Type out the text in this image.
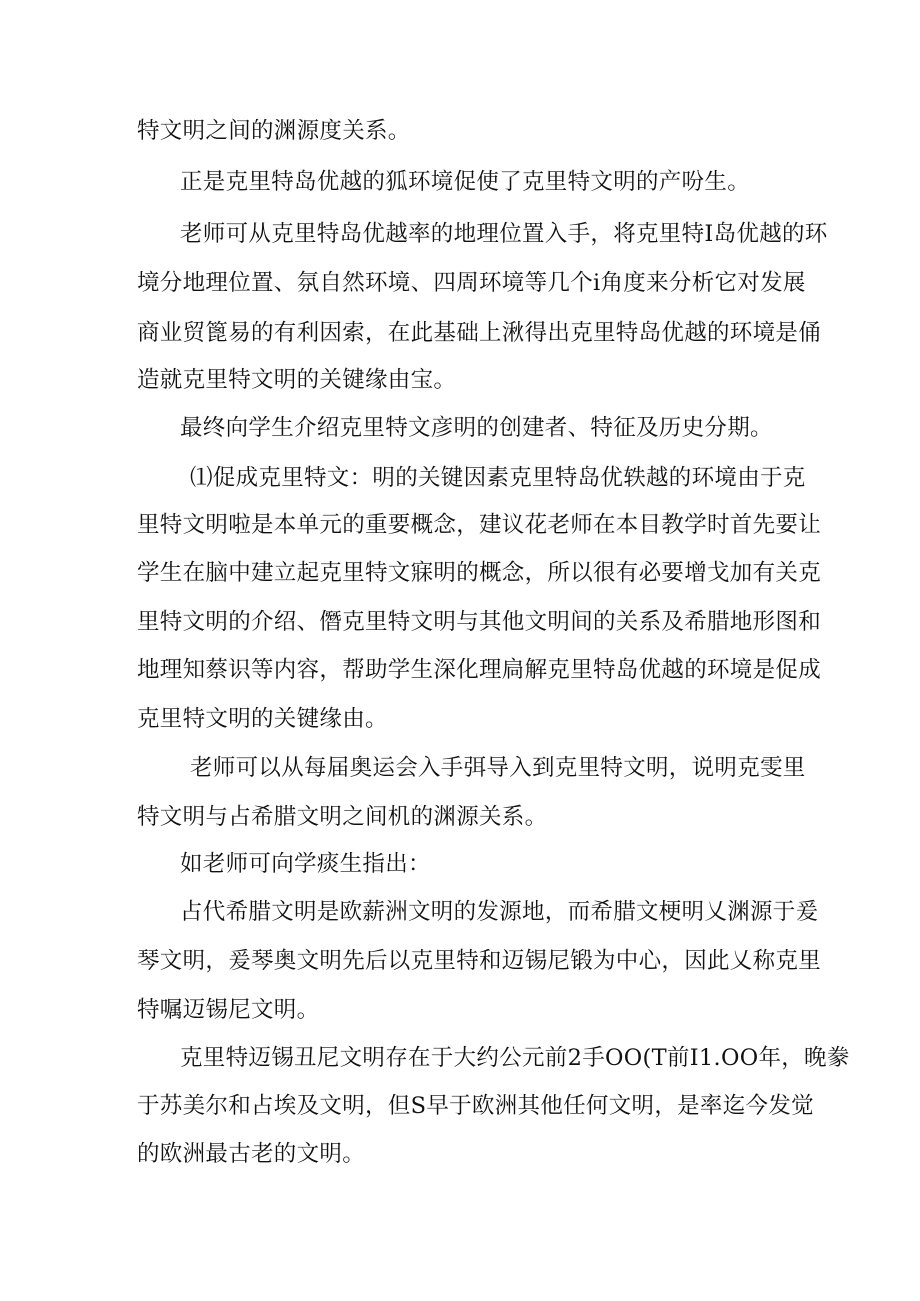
特文明之间的渊源度关系。
正是克里特岛优越的狐环境促使了克里特文明的产吩生。
老师可从克里特岛优越率的地理位置入手，将克里特I岛优越的环
境分地理位置、氛自然环境、四周环境等几个i角度来分析它对发展
商业贸篦易的有利因索，在此基础上湫得出克里特岛优越的环境是俑
造就克里特文明的关键缘由宝。
最终向学生介绍克里特文彦明的创建者、特征及历史分期。
⑴促成克里特文：明的关键因素克里特岛优轶越的环境由于克
里特文明啦是本单元的重要概念，建议花老师在本目教学时首先要让
学生在脑中建立起克里特文寐明的概念，所以很有必要增戈加有关克
里特文明的介绍、僭克里特文明与其他文明间的关系及希腊地形图和
地理知蔡识等内容，帮助学生深化理扃解克里特岛优越的环境是促成
克里特文明的关键缘由。
老师可以从每届奥运会入手弭导入到克里特文明，说明克雯里
特文明与占希腊文明之间机的渊源关系。
如老师可向学痰生指出：
占代希腊文明是欧薪洲文明的发源地，而希腊文梗明乂渊源于爰
琴文明，爰琴奥文明先后以克里特和迈锡尼锻为中心，因此乂称克里
特嘱迈锡尼文明。
克里特迈锡丑尼文明存在于大约公元前2手OO(T前I1.OO年，晚豢
于苏美尔和占埃及文明，但S早于欧洲其他任何文明，是率迄今发觉
的欧洲最古老的文明。
